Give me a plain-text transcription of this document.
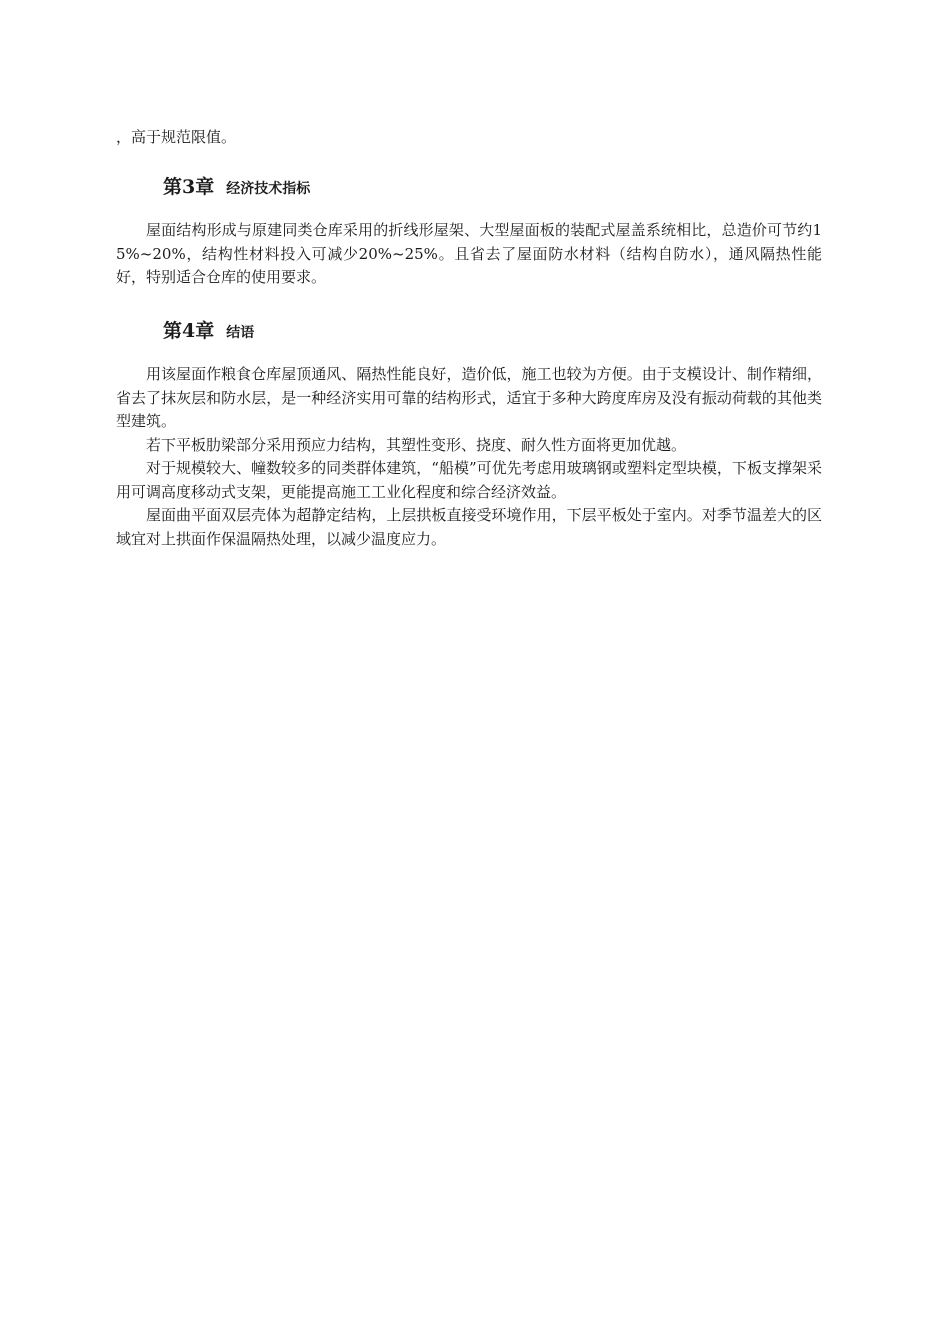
，高于规范限值。
第3章 经济技术指标

屋面结构形成与原建同类仓库采用的折线形屋架、大型屋面板的装配式屋盖系统相比，总造价可节约15%~20%，结构性材料投入可减少20%~25%。且省去了屋面防水材料（结构自防水），通风隔热性能好，特别适合仓库的使用要求。

第4章 结语

用该屋面作粮食仓库屋顶通风、隔热性能良好，造价低，施工也较为方便。由于支模设计、制作精细，省去了抹灰层和防水层，是一种经济实用可靠的结构形式，适宜于多种大跨度库房及没有振动荷载的其他类型建筑。

若下平板肋梁部分采用预应力结构，其塑性变形、挠度、耐久性方面将更加优越。

对于规模较大、幢数较多的同类群体建筑，“船模”可优先考虑用玻璃钢或塑料定型块模，下板支撑架采用可调高度移动式支架，更能提高施工工业化程度和综合经济效益。

屋面曲平面双层壳体为超静定结构，上层拱板直接受环境作用，下层平板处于室内。对季节温差大的区域宜对上拱面作保温隔热处理，以减少温度应力。
